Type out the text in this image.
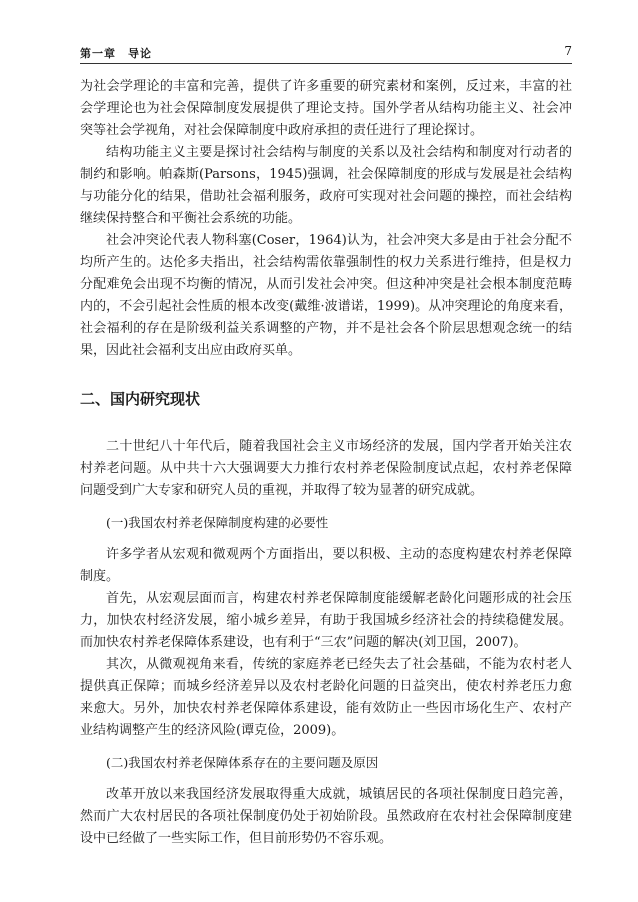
第一章　导论	7

为社会学理论的丰富和完善，提供了许多重要的研究素材和案例，反过来，丰富的社会学理论也为社会保障制度发展提供了理论支持。国外学者从结构功能主义、社会冲突等社会学视角，对社会保障制度中政府承担的责任进行了理论探讨。

结构功能主义主要是探讨社会结构与制度的关系以及社会结构和制度对行动者的制约和影响。帕森斯(Parsons，1945)强调，社会保障制度的形成与发展是社会结构与功能分化的结果，借助社会福利服务，政府可实现对社会问题的操控，而社会结构继续保持整合和平衡社会系统的功能。

社会冲突论代表人物科塞(Coser，1964)认为，社会冲突大多是由于社会分配不均所产生的。达伦多夫指出，社会结构需依靠强制性的权力关系进行维持，但是权力分配难免会出现不均衡的情况，从而引发社会冲突。但这种冲突是社会根本制度范畴内的，不会引起社会性质的根本改变(戴维·波谱诺，1999)。从冲突理论的角度来看，社会福利的存在是阶级利益关系调整的产物，并不是社会各个阶层思想观念统一的结果，因此社会福利支出应由政府买单。

二、国内研究现状

二十世纪八十年代后，随着我国社会主义市场经济的发展，国内学者开始关注农村养老问题。从中共十六大强调要大力推行农村养老保险制度试点起，农村养老保障问题受到广大专家和研究人员的重视，并取得了较为显著的研究成就。

(一)我国农村养老保障制度构建的必要性

许多学者从宏观和微观两个方面指出，要以积极、主动的态度构建农村养老保障制度。

首先，从宏观层面而言，构建农村养老保障制度能缓解老龄化问题形成的社会压力，加快农村经济发展，缩小城乡差异，有助于我国城乡经济社会的持续稳健发展。而加快农村养老保障体系建设，也有利于“三农”问题的解决(刘卫国，2007)。

其次，从微观视角来看，传统的家庭养老已经失去了社会基础，不能为农村老人提供真正保障；而城乡经济差异以及农村老龄化问题的日益突出，使农村养老压力愈来愈大。另外，加快农村养老保障体系建设，能有效防止一些因市场化生产、农村产业结构调整产生的经济风险(谭克俭，2009)。

(二)我国农村养老保障体系存在的主要问题及原因

改革开放以来我国经济发展取得重大成就，城镇居民的各项社保制度日趋完善，然而广大农村居民的各项社保制度仍处于初始阶段。虽然政府在农村社会保障制度建设中已经做了一些实际工作，但目前形势仍不容乐观。
